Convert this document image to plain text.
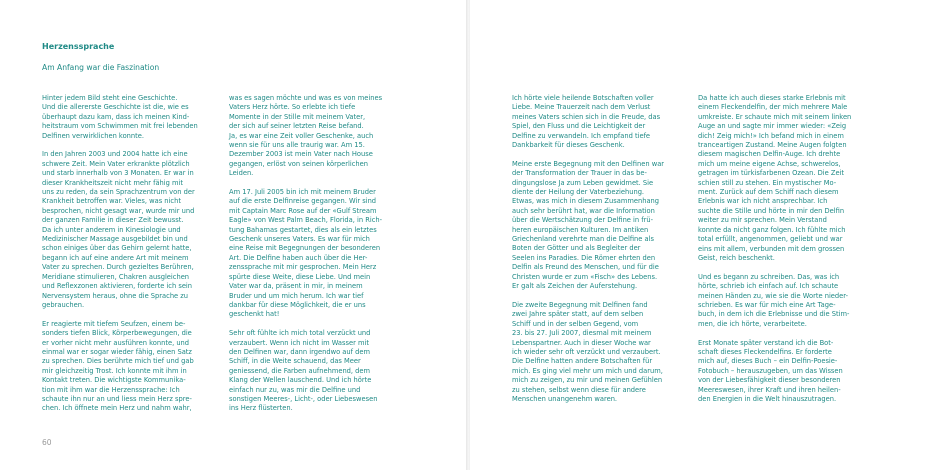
Herzenssprache
Am Anfang war die Faszination

Hinter jedem Bild steht eine Geschichte.
Und die allererste Geschichte ist die, wie es
überhaupt dazu kam, dass ich meinen Kind-
heitstraum vom Schwimmen mit frei lebenden
Delfinen verwirklichen konnte.

In den Jahren 2003 und 2004 hatte ich eine
schwere Zeit. Mein Vater erkrankte plötzlich
und starb innerhalb von 3 Monaten. Er war in
dieser Krankheitszeit nicht mehr fähig mit
uns zu reden, da sein Sprachzentrum von der
Krankheit betroffen war. Vieles, was nicht
besprochen, nicht gesagt war, wurde mir und
der ganzen Familie in dieser Zeit bewusst.
Da ich unter anderem in Kinesiologie und
Medizinischer Massage ausgebildet bin und
schon einiges über das Gehirn gelernt hatte,
begann ich auf eine andere Art mit meinem
Vater zu sprechen. Durch gezieltes Berühren,
Meridiane stimulieren, Chakren ausgleichen
und Reflexzonen aktivieren, forderte ich sein
Nervensystem heraus, ohne die Sprache zu
gebrauchen.

Er reagierte mit tiefem Seufzen, einem be-
sonders tiefen Blick, Körperbewegungen, die
er vorher nicht mehr ausführen konnte, und
einmal war er sogar wieder fähig, einen Satz
zu sprechen. Dies berührte mich tief und gab
mir gleichzeitig Trost. Ich konnte mit ihm in
Kontakt treten. Die wichtigste Kommunika-
tion mit ihm war die Herzenssprache: Ich
schaute ihn nur an und liess mein Herz spre-
chen. Ich öffnete mein Herz und nahm wahr,

was es sagen möchte und was es von meines
Vaters Herz hörte. So erlebte ich tiefe
Momente in der Stille mit meinem Vater,
der sich auf seiner letzten Reise befand.
Ja, es war eine Zeit voller Geschenke, auch
wenn sie für uns alle traurig war. Am 15.
Dezember 2003 ist mein Vater nach House
gegangen, erlöst von seinen körperlichen
Leiden.

Am 17. Juli 2005 bin ich mit meinem Bruder
auf die erste Delfinreise gegangen. Wir sind
mit Captain Marc Rose auf der «Gulf Stream
Eagle» von West Palm Beach, Florida, in Rich-
tung Bahamas gestartet, dies als ein letztes
Geschenk unseres Vaters. Es war für mich
eine Reise mit Begegnungen der besonderen
Art. Die Delfine haben auch über die Her-
zenssprache mit mir gesprochen. Mein Herz
spürte diese Weite, diese Liebe. Und mein
Vater war da, präsent in mir, in meinem
Bruder und um mich herum. Ich war tief
dankbar für diese Möglichkeit, die er uns
geschenkt hat!

Sehr oft fühlte ich mich total verzückt und
verzaubert. Wenn ich nicht im Wasser mit
den Delfinen war, dann irgendwo auf dem
Schiff, in die Weite schauend, das Meer
geniessend, die Farben aufnehmend, dem
Klang der Wellen lauschend. Und ich hörte
einfach nur zu, was mir die Delfine und
sonstigen Meeres-, Licht-, oder Liebeswesen
ins Herz flüsterten.

60

Ich hörte viele heilende Botschaften voller
Liebe. Meine Trauerzeit nach dem Verlust
meines Vaters schien sich in die Freude, das
Spiel, den Fluss und die Leichtigkeit der
Delfine zu verwandeln. Ich empfand tiefe
Dankbarkeit für dieses Geschenk.

Meine erste Begegnung mit den Delfinen war
der Transformation der Trauer in das be-
dingungslose Ja zum Leben gewidmet. Sie
diente der Heilung der Vaterbeziehung.
Etwas, was mich in diesem Zusammenhang
auch sehr berührt hat, war die Information
über die Wertschätzung der Delfine in frü-
heren europäischen Kulturen. Im antiken
Griechenland verehrte man die Delfine als
Boten der Götter und als Begleiter der
Seelen ins Paradies. Die Römer ehrten den
Delfin als Freund des Menschen, und für die
Christen wurde er zum «Fisch» des Lebens.
Er galt als Zeichen der Auferstehung.

Die zweite Begegnung mit Delfinen fand
zwei Jahre später statt, auf dem selben
Schiff und in der selben Gegend, vom
23. bis 27. Juli 2007, diesmal mit meinem
Lebenspartner. Auch in dieser Woche war
ich wieder sehr oft verzückt und verzaubert.
Die Delfine hatten andere Botschaften für
mich. Es ging viel mehr um mich und darum,
mich zu zeigen, zu mir und meinen Gefühlen
zu stehen, selbst wenn diese für andere
Menschen unangenehm waren.

Da hatte ich auch dieses starke Erlebnis mit
einem Fleckendelfin, der mich mehrere Male
umkreiste. Er schaute mich mit seinem linken
Auge an und sagte mir immer wieder: «Zeig
dich! Zeig mich!» Ich befand mich in einem
tranceartigen Zustand. Meine Augen folgten
diesem magischen Delfin-Auge. Ich drehte
mich um meine eigene Achse, schwerelos,
getragen im türkisfarbenen Ozean. Die Zeit
schien still zu stehen. Ein mystischer Mo-
ment. Zurück auf dem Schiff nach diesem
Erlebnis war ich nicht ansprechbar. Ich
suchte die Stille und hörte in mir den Delfin
weiter zu mir sprechen. Mein Verstand
konnte da nicht ganz folgen. Ich fühlte mich
total erfüllt, angenommen, geliebt und war
eins mit allem, verbunden mit dem grossen
Geist, reich beschenkt.

Und es begann zu schreiben. Das, was ich
hörte, schrieb ich einfach auf. Ich schaute
meinen Händen zu, wie sie die Worte nieder-
schrieben. Es war für mich eine Art Tage-
buch, in dem ich die Erlebnisse und die Stim-
men, die ich hörte, verarbeitete.

Erst Monate später verstand ich die Bot-
schaft dieses Fleckendelfins. Er forderte
mich auf, dieses Buch – ein Delfin-Poesie-
Fotobuch – herauszugeben, um das Wissen
von der Liebesfähigkeit dieser besonderen
Meereswesen, ihrer Kraft und ihren heilen-
den Energien in die Welt hinauszutragen.
